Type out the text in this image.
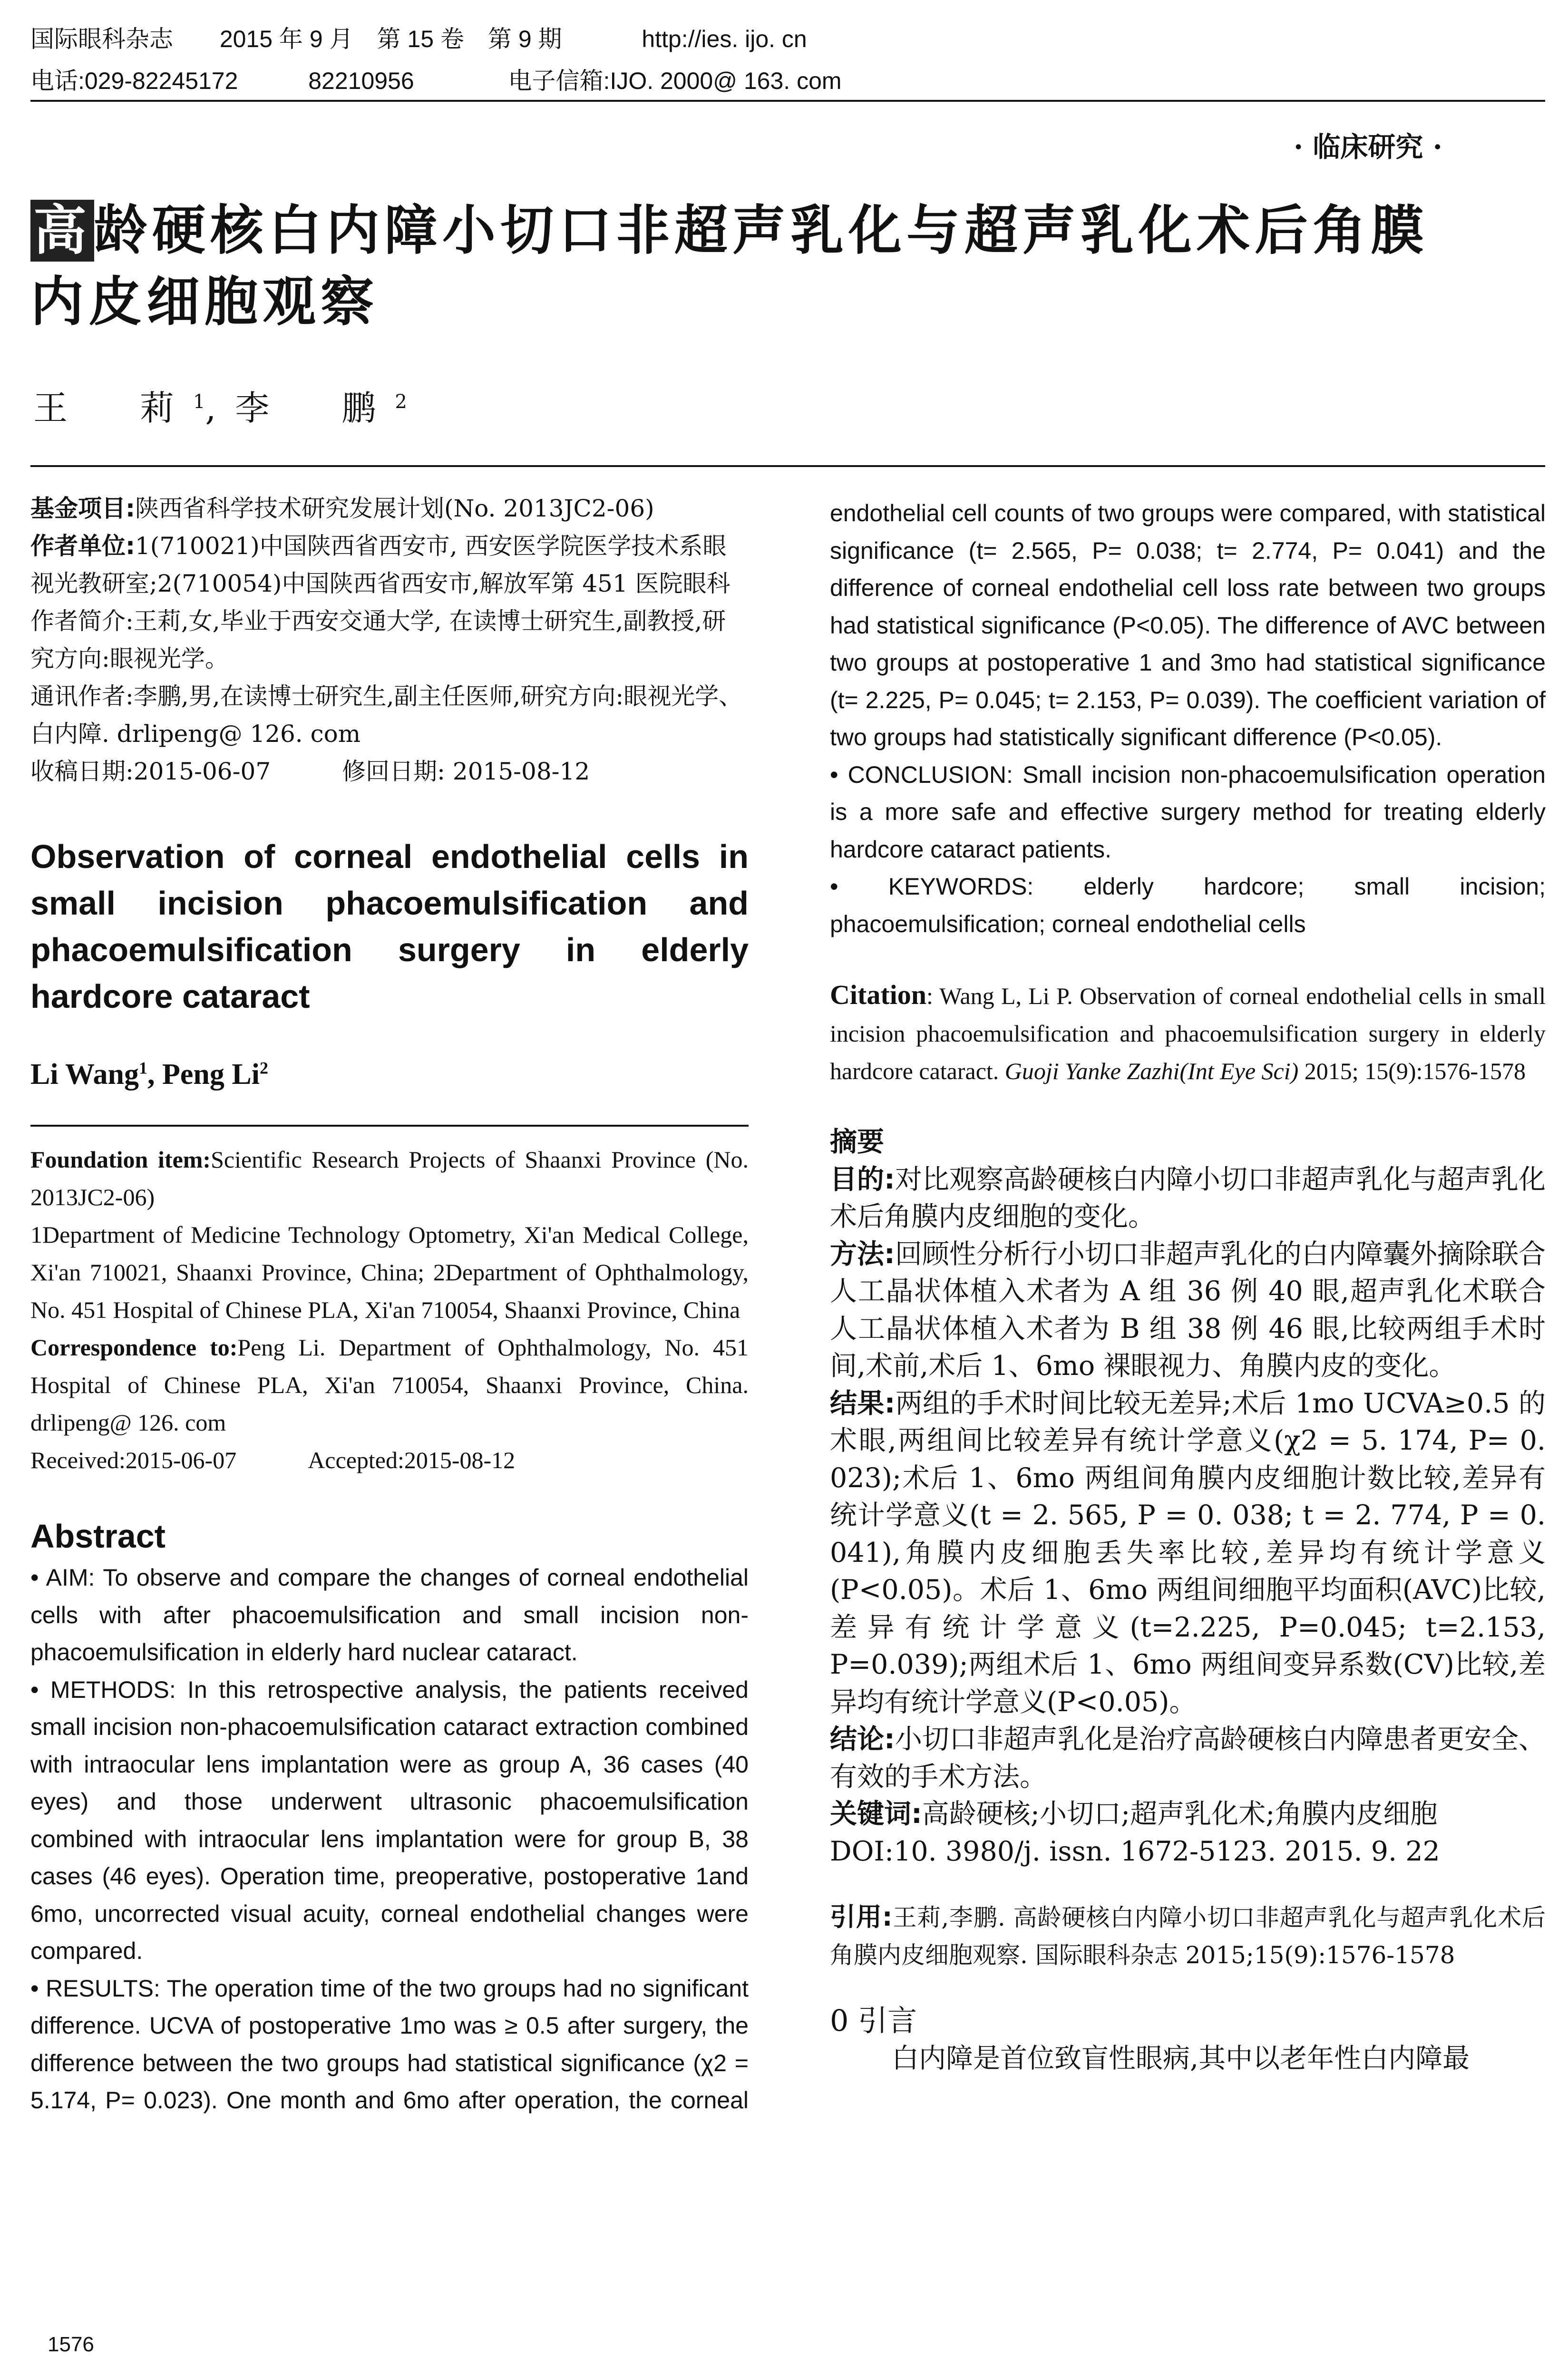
国际眼科杂志 2015 年 9 月　第 15 卷　第 9 期	http://ies. ijo. cn
电话:029-82245172	82210956	电子信箱:IJO. 2000@ 163. com
· 临床研究 ·
高龄硬核白内障小切口非超声乳化与超声乳化术后角膜
内皮细胞观察
王　莉$^1$,李　鹏$^2$

基金项目:陕西省科学技术研究发展计划(No. 2013JC2-06)

作者单位:1(710021)中国陕西省西安市, 西安医学院医学技术系眼视光教研室;2(710054)中国陕西省西安市,解放军第 451 医院眼科

作者简介:王莉,女,毕业于西安交通大学, 在读博士研究生,副教授,研究方向:眼视光学。

通讯作者:李鹏,男,在读博士研究生,副主任医师,研究方向:眼视光学、白内障. drlipeng@ 126. com

收稿日期:2015-06-07　　　修回日期: 2015-08-12

Observation of corneal endothelial cells in small incision phacoemulsification and phacoemulsification surgery in elderly hardcore cataract

Li Wang$^1$, Peng Li$^2$

Foundation item:Scientific Research Projects of Shaanxi Province (No. 2013JC2-06)

1Department of Medicine Technology Optometry, Xi'an Medical College, Xi'an 710021, Shaanxi Province, China; 2Department of Ophthalmology, No. 451 Hospital of Chinese PLA, Xi'an 710054, Shaanxi Province, China

Correspondence to:Peng Li. Department of Ophthalmology, No. 451 Hospital of Chinese PLA, Xi'an 710054, Shaanxi Province, China. drlipeng@ 126. com

Received:2015-06-07　　　Accepted:2015-08-12

Abstract

• AIM: To observe and compare the changes of corneal endothelial cells with after phacoemulsification and small incision non- phacoemulsification in elderly hard nuclear cataract.

• METHODS: In this retrospective analysis, the patients received small incision non-phacoemulsification cataract extraction combined with intraocular lens implantation were as group A, 36 cases (40 eyes) and those underwent ultrasonic phacoemulsification combined with intraocular lens implantation were for group B, 38 cases (46 eyes). Operation time, preoperative, postoperative 1and 6mo, uncorrected visual acuity, corneal endothelial changes were compared.

• RESULTS: The operation time of the two groups had no significant difference. UCVA of postoperative 1mo was ≥ 0.5 after surgery, the difference between the two groups had statistical significance (χ2 = 5.174, P= 0.023). One month and 6mo after operation, the corneal

1576

endothelial cell counts of two groups were compared, with statistical significance (t= 2.565, P= 0.038; t= 2.774, P= 0.041) and the difference of corneal endothelial cell loss rate between two groups had statistical significance (P<0.05). The difference of AVC between two groups at postoperative 1 and 3mo had statistical significance (t= 2.225, P= 0.045; t= 2.153, P= 0.039). The coefficient variation of two groups had statistically significant difference (P<0.05).

• CONCLUSION: Small incision non-phacoemulsification operation is a more safe and effective surgery method for treating elderly hardcore cataract patients.

• KEYWORDS: elderly hardcore; small incision; phacoemulsification; corneal endothelial cells

Citation: Wang L, Li P. Observation of corneal endothelial cells in small incision phacoemulsification and phacoemulsification surgery in elderly hardcore cataract. Guoji Yanke Zazhi(Int Eye Sci) 2015; 15(9):1576-1578

摘要

目的:对比观察高龄硬核白内障小切口非超声乳化与超声乳化术后角膜内皮细胞的变化。

方法:回顾性分析行小切口非超声乳化的白内障囊外摘除联合人工晶状体植入术者为 A 组 36 例 40 眼,超声乳化术联合人工晶状体植入术者为 B 组 38 例 46 眼,比较两组手术时间,术前,术后 1、6mo 裸眼视力、角膜内皮的变化。

结果:两组的手术时间比较无差异;术后 1mo UCVA≥0.5 的术眼,两组间比较差异有统计学意义(χ2 = 5. 174, P= 0. 023);术后 1、6mo 两组间角膜内皮细胞计数比较,差异有统计学意义(t = 2. 565, P = 0. 038; t = 2. 774, P = 0. 041),角膜内皮细胞丢失率比较,差异均有统计学意义(P<0.05)。术后 1、6mo 两组间细胞平均面积(AVC)比较,差异有统计学意义(t=2.225, P=0.045; t=2.153, P=0.039);两组术后 1、6mo 两组间变异系数(CV)比较,差异均有统计学意义(P<0.05)。

结论:小切口非超声乳化是治疗高龄硬核白内障患者更安全、有效的手术方法。

关键词:高龄硬核;小切口;超声乳化术;角膜内皮细胞

DOI:10. 3980/j. issn. 1672-5123. 2015. 9. 22

引用:王莉,李鹏. 高龄硬核白内障小切口非超声乳化与超声乳化术后角膜内皮细胞观察. 国际眼科杂志 2015;15(9):1576-1578

0 引言

白内障是首位致盲性眼病,其中以老年性白内障最
